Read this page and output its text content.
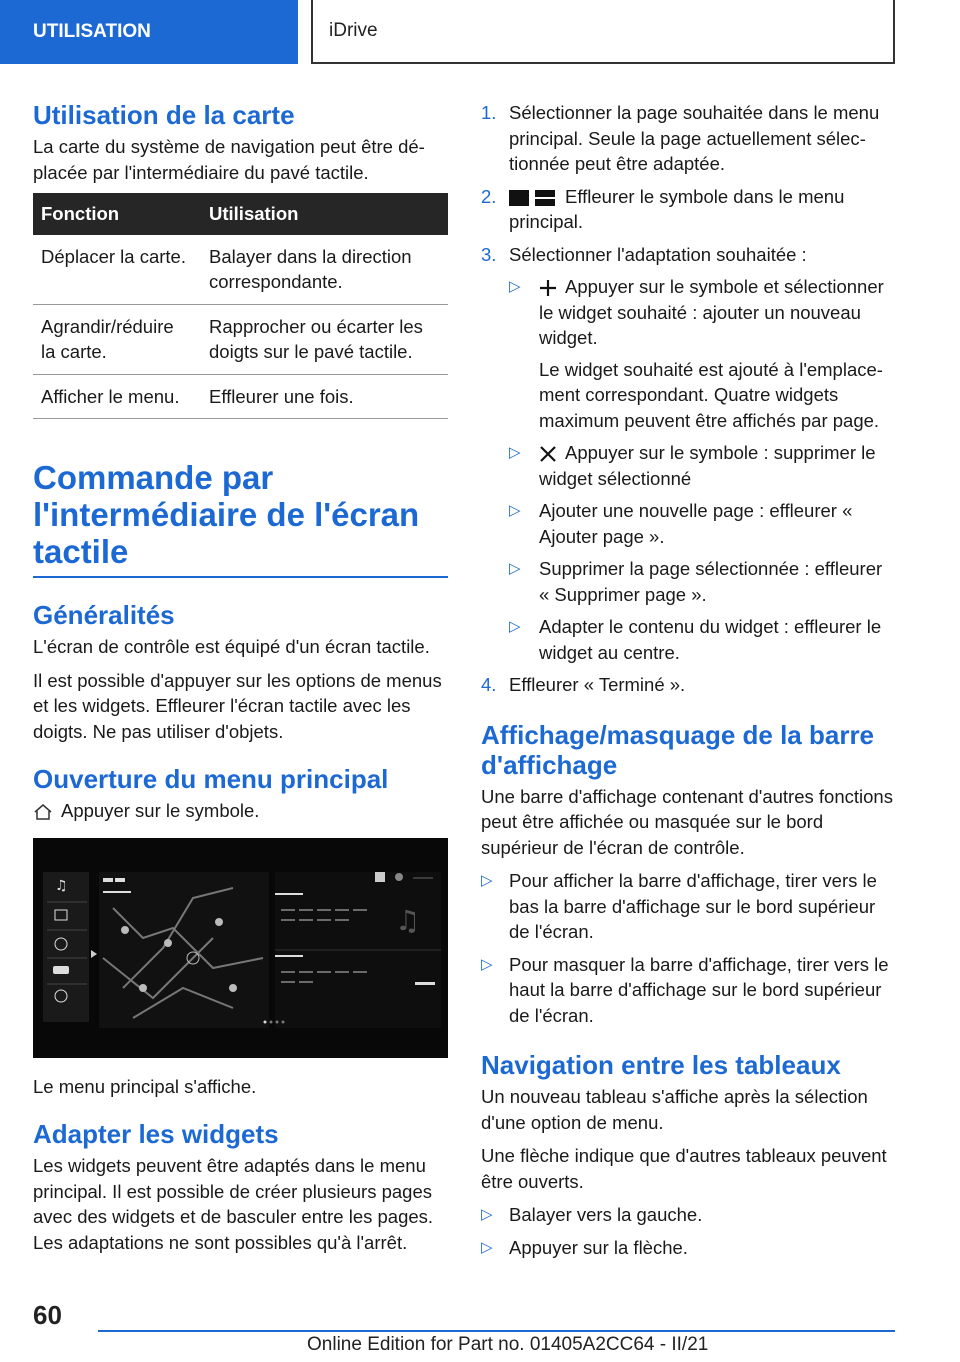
UTILISATION	iDrive
Utilisation de la carte

La carte du système de navigation peut être déplacée par l'intermédiaire du pavé tactile.

Fonction	Utilisation
Déplacer la carte.	Balayer dans la direction correspondante.
Agrandir/réduire la carte.	Rapprocher ou écarter les doigts sur le pavé tactile.
Afficher le menu.	Effleurer une fois.
Commande par l'intermédiaire de l'écran tactile
Généralités

L'écran de contrôle est équipé d'un écran tactile.

Il est possible d'appuyer sur les options de menus et les widgets. Effleurer l'écran tactile avec les doigts. Ne pas utiliser d'objets.

Ouverture du menu principal

Appuyer sur le symbole.

♫
♫

Le menu principal s'affiche.

Adapter les widgets

Les widgets peuvent être adaptés dans le menu principal. Il est possible de créer plusieurs pages avec des widgets et de basculer entre les pages. Les adaptations ne sont possibles qu'à l'arrêt.

1. Sélectionner la page souhaitée dans le menu principal. Seule la page actuellement sélectionnée peut être adaptée.
2.	Effleurer le symbole dans le menu principal.
3. Sélectionner l'adaptation souhaitée :
▷	Appuyer sur le symbole et sélectionner le widget souhaité : ajouter un nouveau widget.
Le widget souhaité est ajouté à l'emplacement correspondant. Quatre widgets maximum peuvent être affichés par page.
▷	Appuyer sur le symbole : supprimer le widget sélectionné
▷ Ajouter une nouvelle page : effleurer « Ajouter page ».
▷ Supprimer la page sélectionnée : effleurer « Supprimer page ».
▷ Adapter le contenu du widget : effleurer le widget au centre.
4. Effleurer « Terminé ».
Affichage/masquage de la barre d'affichage

Une barre d'affichage contenant d'autres fonctions peut être affichée ou masquée sur le bord supérieur de l'écran de contrôle.

▷ Pour afficher la barre d'affichage, tirer vers le bas la barre d'affichage sur le bord supérieur de l'écran.
▷ Pour masquer la barre d'affichage, tirer vers le haut la barre d'affichage sur le bord supérieur de l'écran.
Navigation entre les tableaux

Un nouveau tableau s'affiche après la sélection d'une option de menu.

Une flèche indique que d'autres tableaux peuvent être ouverts.

▷ Balayer vers la gauche.
▷ Appuyer sur la flèche.
60
Online Edition for Part no. 01405A2CC64 - II/21
